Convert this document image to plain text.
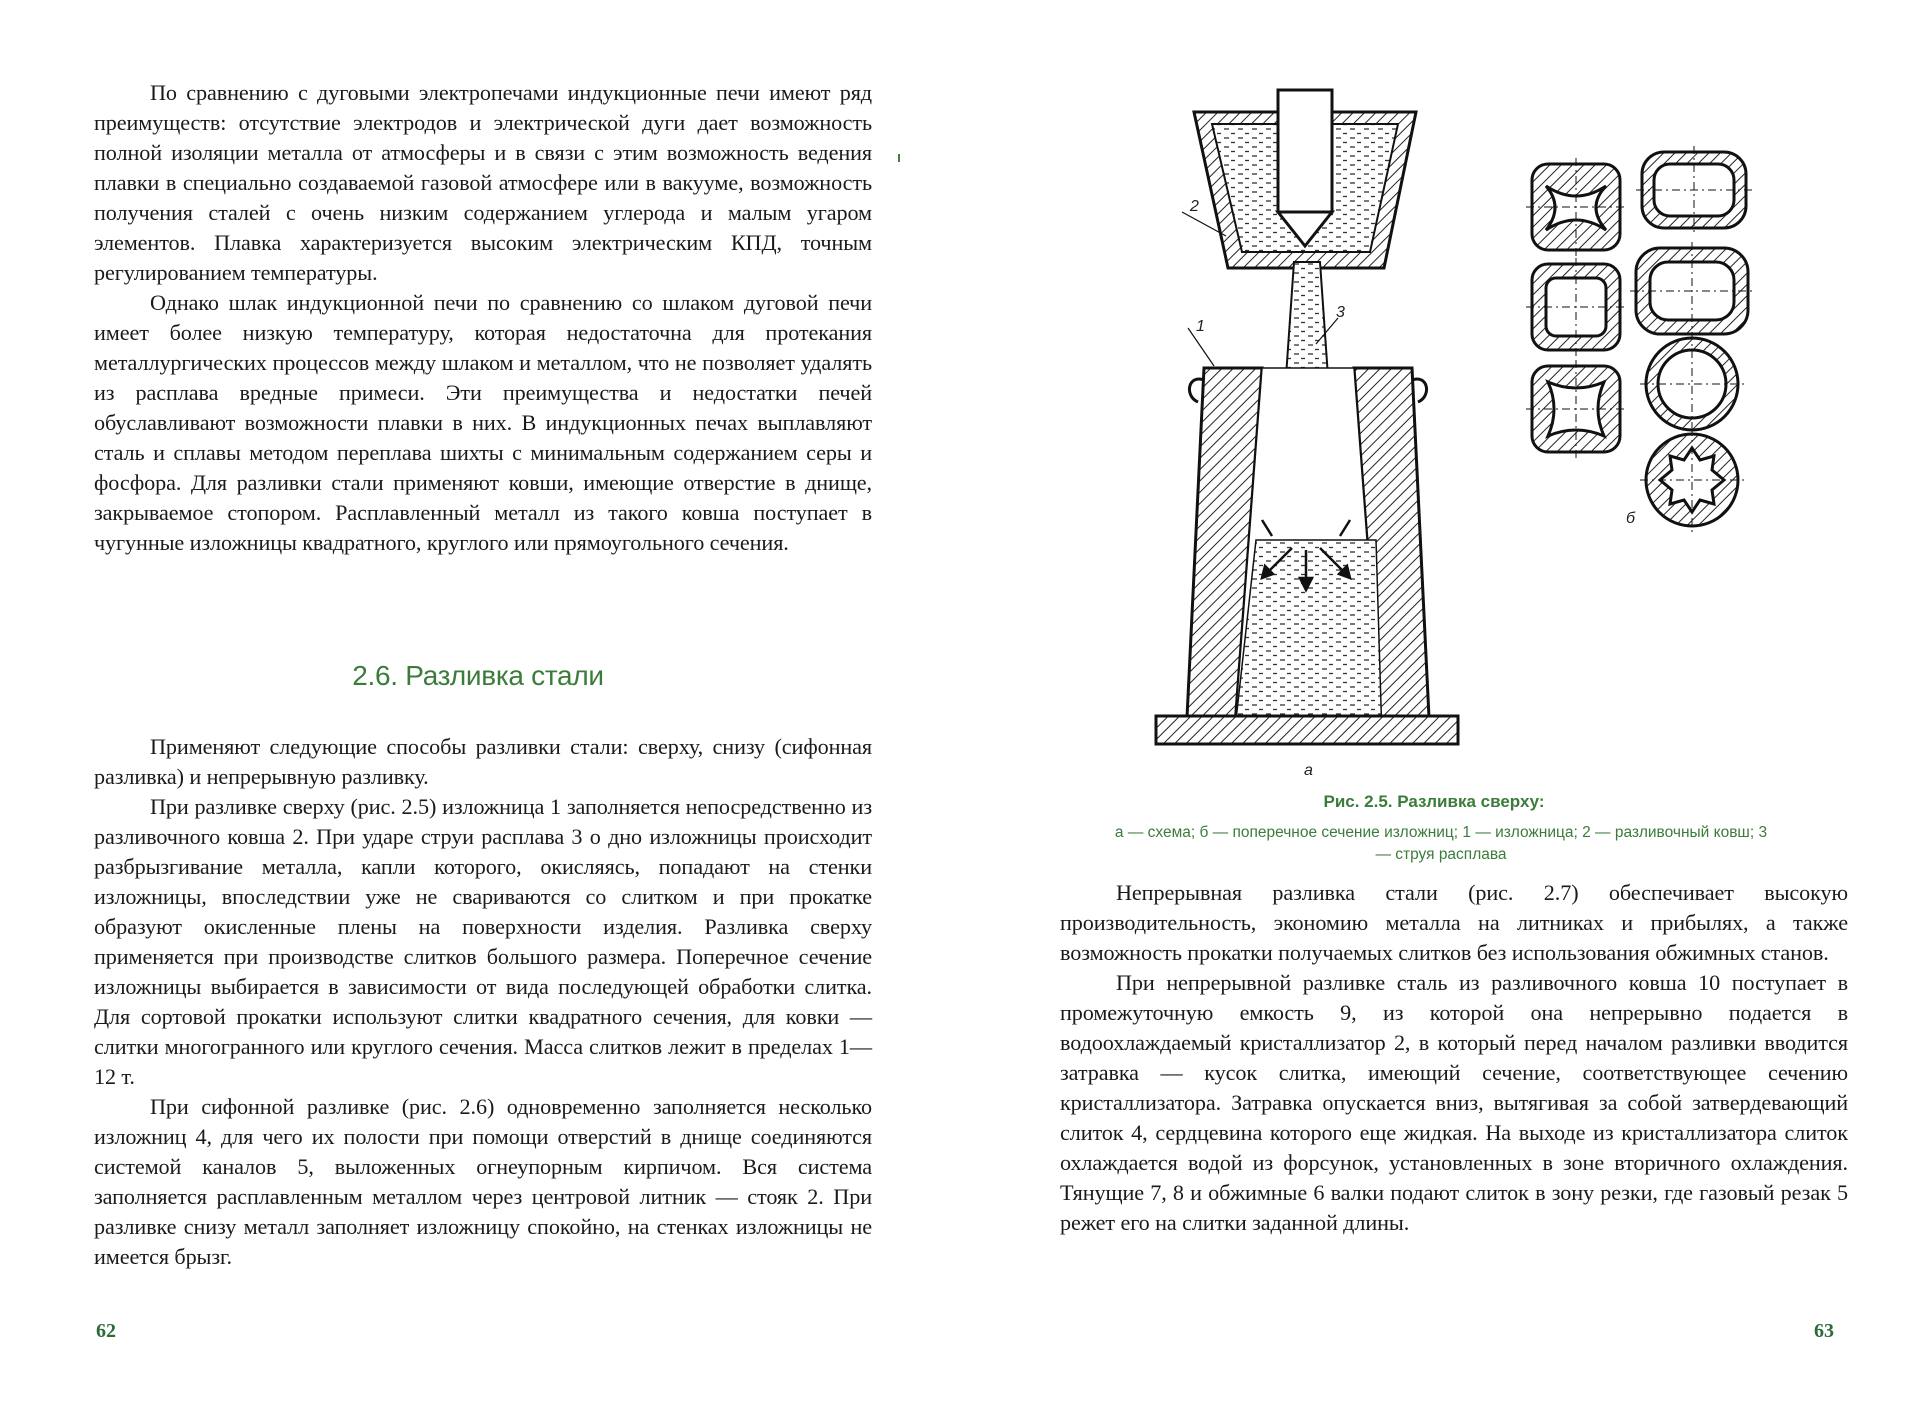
По сравнению с дуговыми электропечами индукционные печи имеют ряд преимуществ: отсутствие электродов и электрической дуги дает возможность полной изоляции металла от атмосферы и в связи с этим возможность ведения плавки в специально создаваемой газовой атмосфере или в вакууме, возможность получения сталей с очень низким содержанием углерода и малым угаром элементов. Плавка характеризуется высоким электрическим КПД, точным регулированием температуры.

Однако шлак индукционной печи по сравнению со шлаком дуговой печи имеет более низкую температуру, которая недостаточна для протекания металлургических процессов между шлаком и металлом, что не позволяет удалять из расплава вредные примеси. Эти преимущества и недостатки печей обуславливают возможности плавки в них. В индукционных печах выплавляют сталь и сплавы методом переплава шихты с минимальным содержанием серы и фосфора. Для разливки стали применяют ковши, имеющие отверстие в днище, закрываемое стопором. Расплавленный металл из такого ковша поступает в чугунные изложницы квадратного, круглого или прямоугольного сечения.

2.6. Разливка стали

Применяют следующие способы разливки стали: сверху, снизу (сифонная разливка) и непрерывную разливку.

При разливке сверху (рис. 2.5) изложница 1 заполняется непосредственно из разливочного ковша 2. При ударе струи расплава 3 о дно изложницы происходит разбрызгивание металла, капли которого, окисляясь, попадают на стенки изложницы, впоследствии уже не свариваются со слитком и при прокатке образуют окисленные плены на поверхности изделия. Разливка сверху применяется при производстве слитков большого размера. Поперечное сечение изложницы выбирается в зависимости от вида последующей обработки слитка. Для сортовой прокатки используют слитки квадратного сечения, для ковки — слитки многогранного или круглого сечения. Масса слитков лежит в пределах 1—12 т.

При сифонной разливке (рис. 2.6) одновременно заполняется несколько изложниц 4, для чего их полости при помощи отверстий в днище соединяются системой каналов 5, выложенных огнеупорным кирпичом. Вся система заполняется расплавленным металлом через центровой литник — стояк 2. При разливке снизу металл заполняет изложницу спокойно, на стенках изложницы не имеется брызг.

62
2
1
3
а
б
Рис. 2.5. Разливка сверху:
а — схема; б — поперечное сечение изложниц; 1 — изложница; 2 — разливочный ковш; 3 — струя расплава

Непрерывная разливка стали (рис. 2.7) обеспечивает высокую производительность, экономию металла на литниках и прибылях, а также возможность прокатки получаемых слитков без использования обжимных станов.

При непрерывной разливке сталь из разливочного ковша 10 поступает в промежуточную емкость 9, из которой она непрерывно подается в водоохлаждаемый кристаллизатор 2, в который перед началом разливки вводится затравка — кусок слитка, имеющий сечение, соответствующее сечению кристаллизатора. Затравка опускается вниз, вытягивая за собой затвердевающий слиток 4, сердцевина которого еще жидкая. На выходе из кристаллизатора слиток охлаждается водой из форсунок, установленных в зоне вторичного охлаждения. Тянущие 7, 8 и обжимные 6 валки подают слиток в зону резки, где газовый резак 5 режет его на слитки заданной длины.

63
